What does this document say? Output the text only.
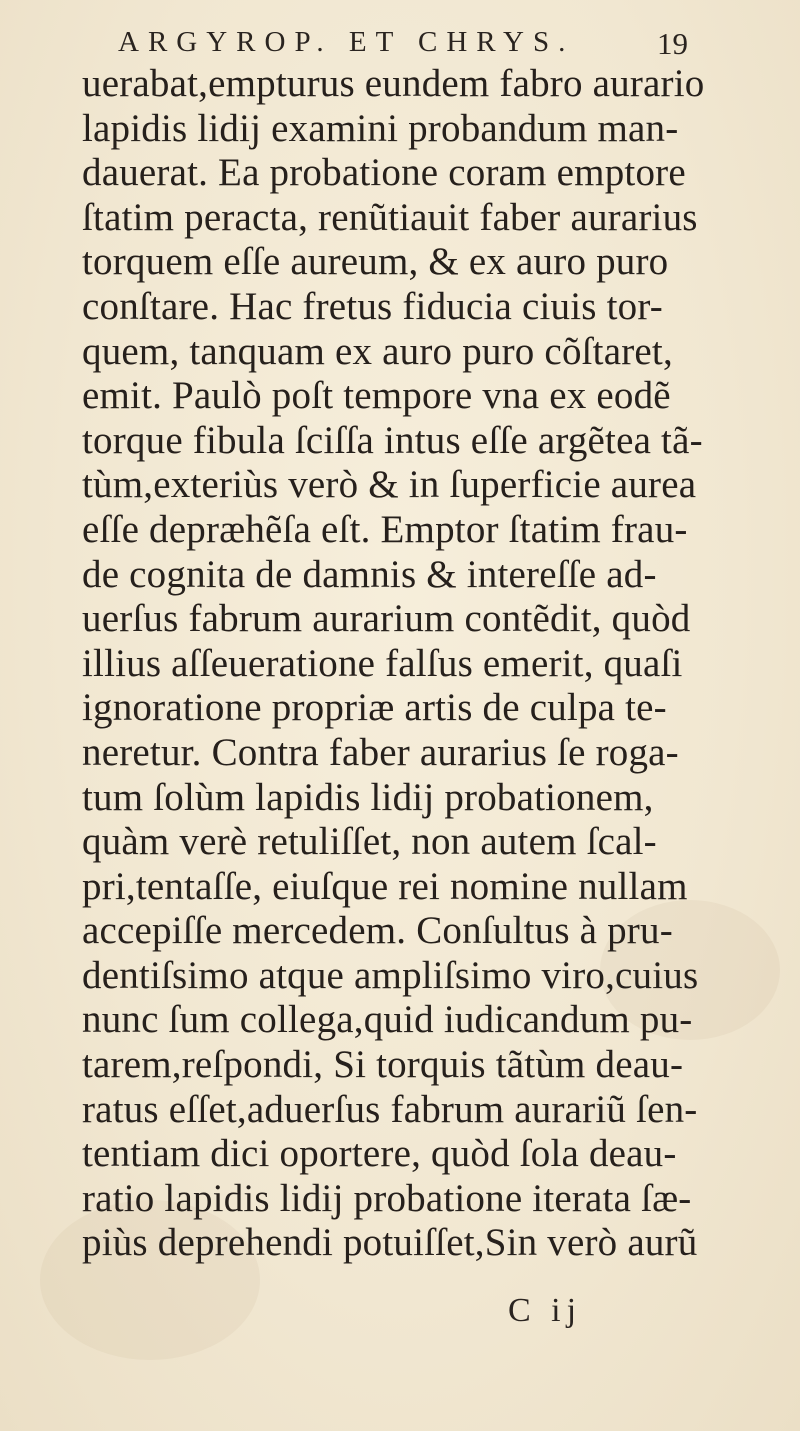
ARGYROP. ET CHRYS.	19
uerabat,empturus eundem fabro aurario
lapidis lidij examini probandum man-
dauerat. Ea probatione coram emptore
ſtatim peracta, renũtiauit faber aurarius
torquem eſſe aureum, & ex auro puro
conſtare. Hac fretus fiducia ciuis tor-
quem, tanquam ex auro puro cõſtaret,
emit. Paulò poſt tempore vna ex eodẽ
torque fibula ſciſſa intus eſſe argẽtea tã-
tùm,exteriùs verò & in ſuperficie aurea
eſſe depræhẽſa eſt. Emptor ſtatim frau-
de cognita de damnis & intereſſe ad-
uerſus fabrum aurarium contẽdit, quòd
illius aſſeueratione falſus emerit, quaſi
ignoratione propriæ artis de culpa te-
neretur. Contra faber aurarius ſe roga-
tum ſolùm lapidis lidij probationem,
quàm verè retuliſſet, non autem ſcal-
pri,tentaſſe, eiuſque rei nomine nullam
accepiſſe mercedem. Conſultus à pru-
dentiſsimo atque ampliſsimo viro,cuius
nunc ſum collega,quid iudicandum pu-
tarem,reſpondi, Si torquis tãtùm deau-
ratus eſſet,aduerſus fabrum aurariũ ſen-
tentiam dici oportere, quòd ſola deau-
ratio lapidis lidij probatione iterata ſæ-
piùs deprehendi potuiſſet,Sin verò aurũ
C ij
